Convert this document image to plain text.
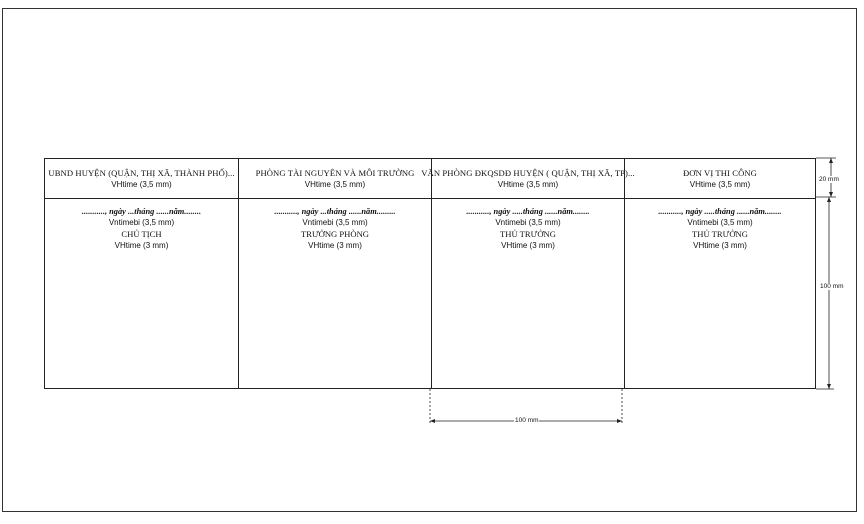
UBND HUYỆN (QUẬN, THỊ XÃ, THÀNH PHỐ)...
VHtime (3,5 mm)
..........., ngày ...tháng ......năm........
Vntimebi (3,5 mm)
CHỦ TỊCH
VHtime (3 mm)
PHÒNG TÀI NGUYÊN VÀ MÔI TRƯỜNG
VHtime (3,5 mm)
..........., ngày ...tháng ......năm.........
Vntimebi (3,5 mm)
TRƯỞNG PHÒNG
VHtime (3 mm)
VĂN PHÒNG ĐKQSDĐ HUYỆN ( QUẬN, THỊ XÃ, TP)...
VHtime (3,5 mm)
..........., ngày .....tháng ......năm........
Vntimebi (3,5 mm)
THỦ TRƯỞNG
VHtime (3 mm)
ĐƠN VỊ THI CÔNG
VHtime (3,5 mm)
..........., ngày .....tháng ......năm........
Vntimebi (3,5 mm)
THỦ TRƯỞNG
VHtime (3 mm)
20 mm
100 mm
100 mm
